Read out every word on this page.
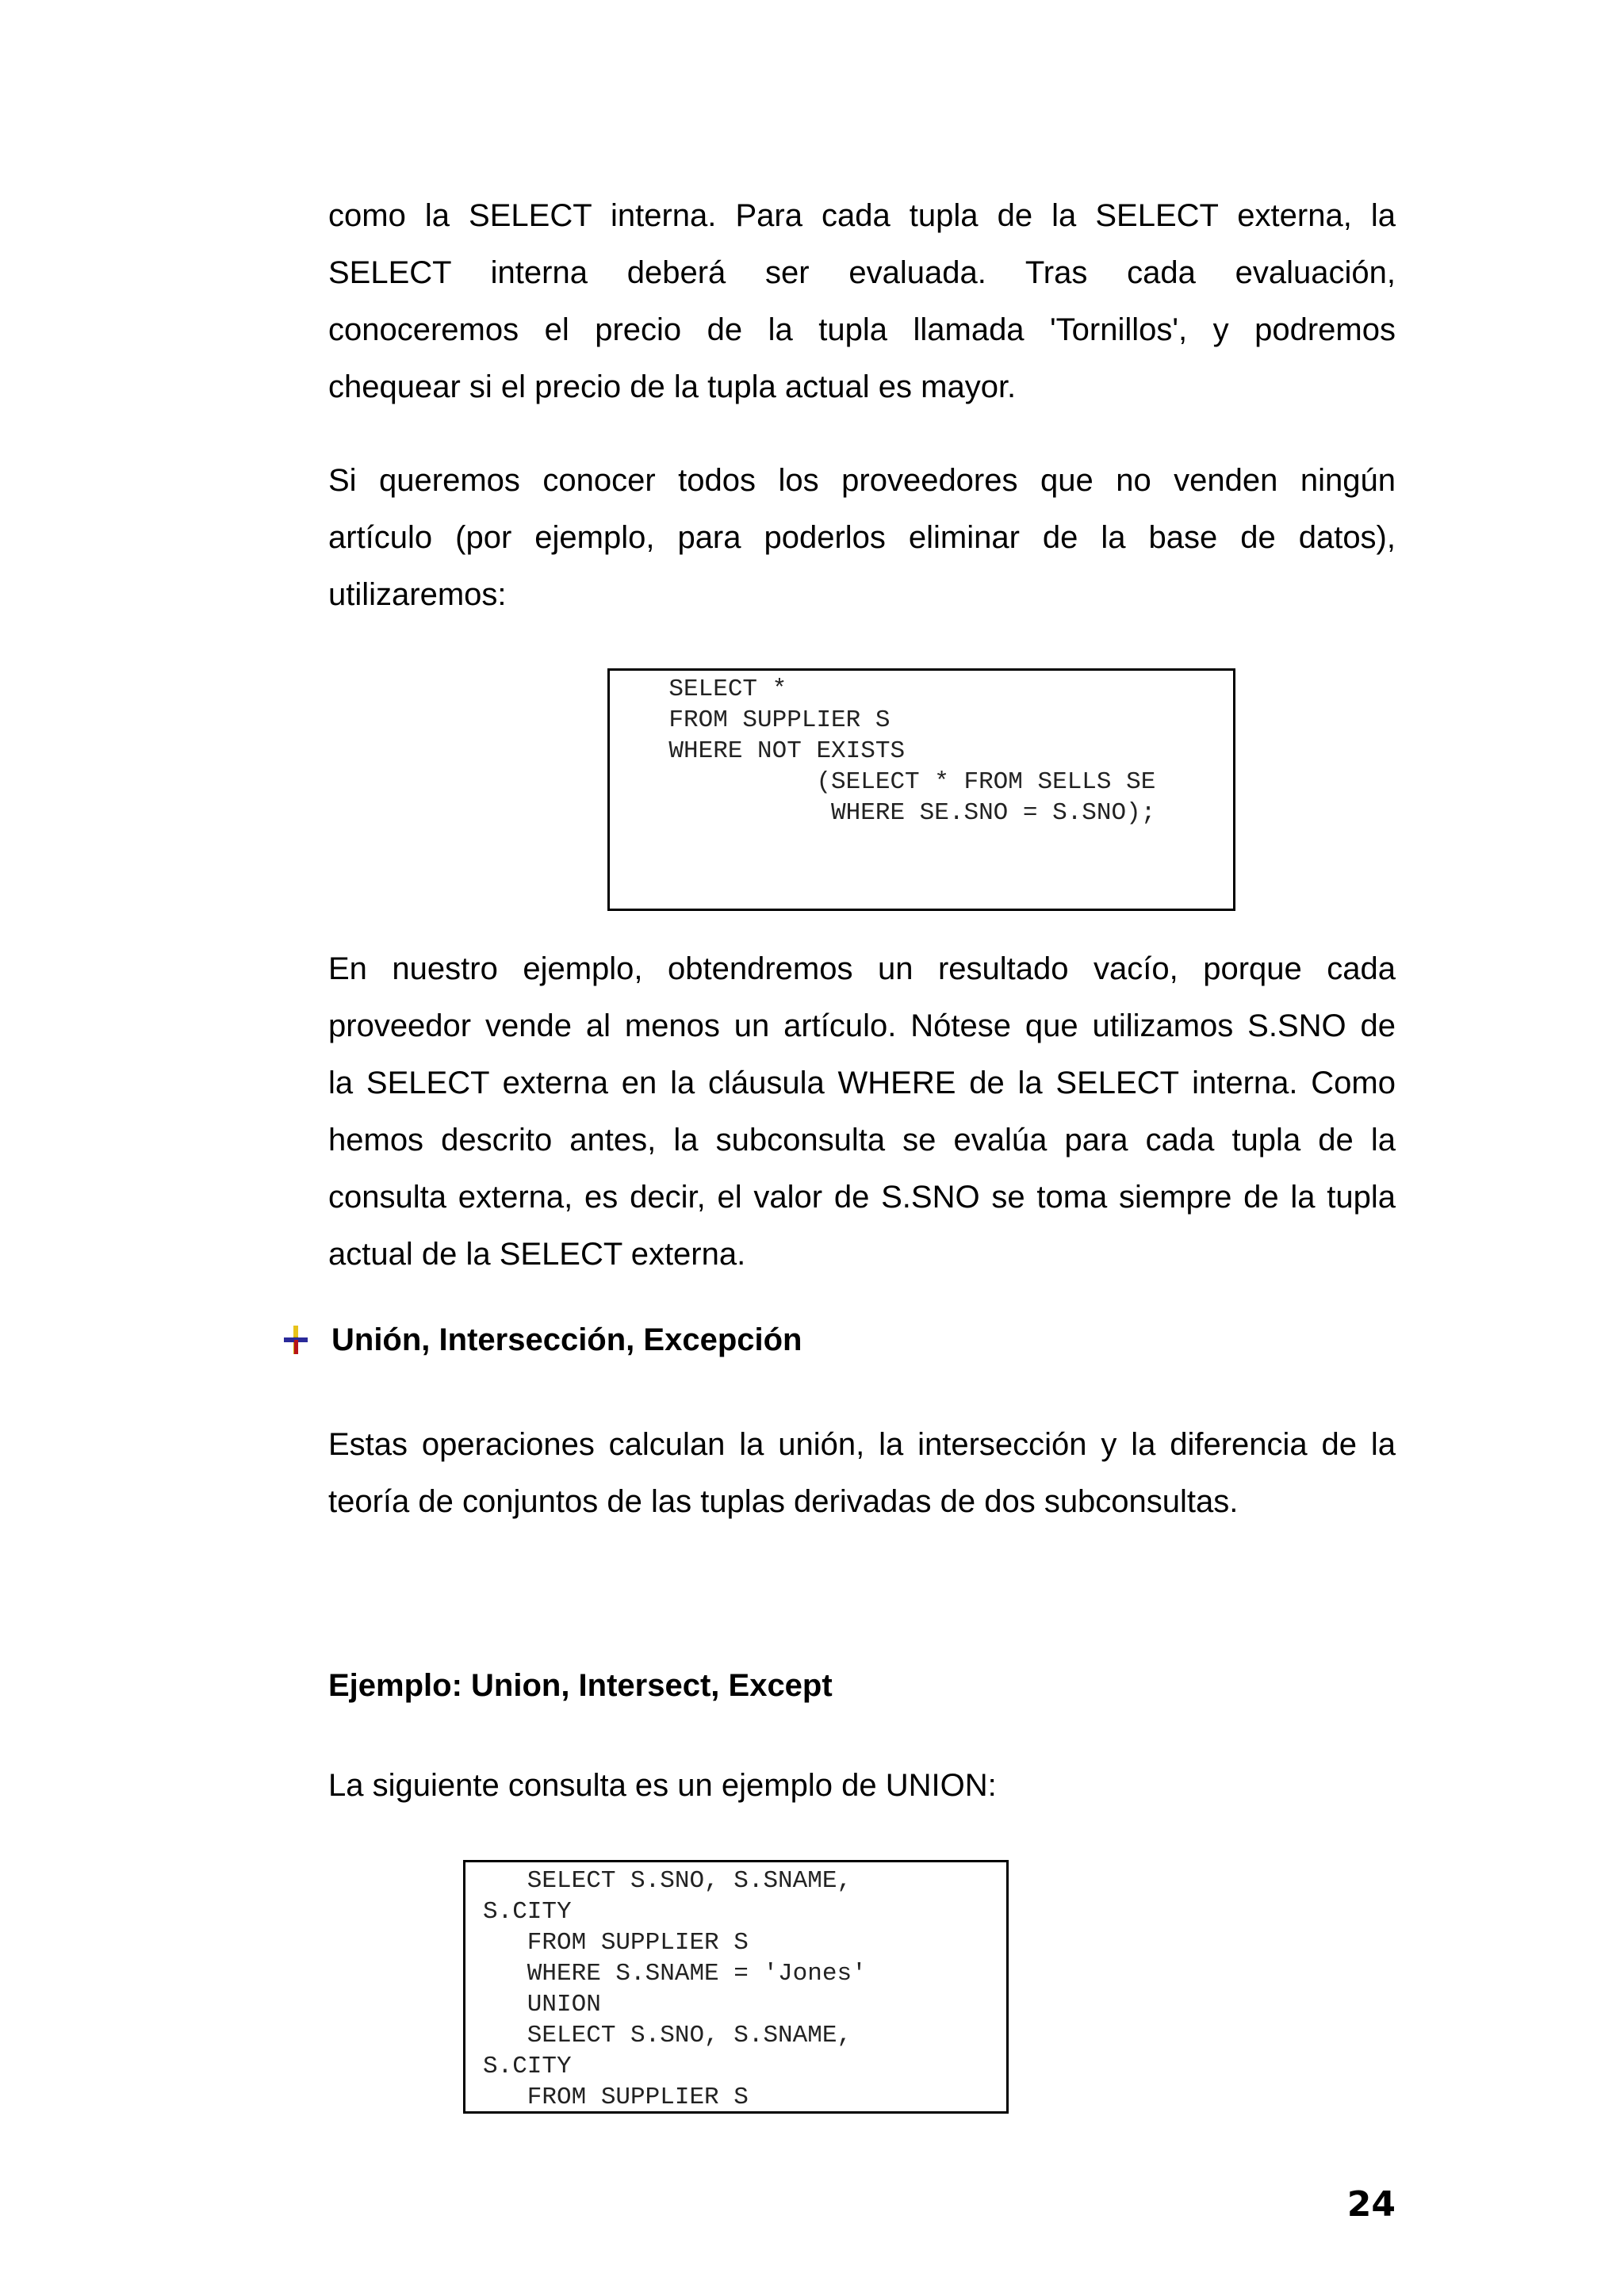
como la SELECT interna. Para cada tupla de la SELECT externa, la
SELECT interna deberá ser evaluada. Tras cada evaluación,
conoceremos el precio de la tupla llamada 'Tornillos', y podremos
chequear si el precio de la tupla actual es mayor.
Si queremos conocer todos los proveedores que no venden ningún
artículo (por ejemplo, para poderlos eliminar de la base de datos),
utilizaremos:
SELECT *
FROM SUPPLIER S
WHERE NOT EXISTS
(SELECT * FROM SELLS SE
WHERE SE.SNO = S.SNO);
En nuestro ejemplo, obtendremos un resultado vacío, porque cada
proveedor vende al menos un artículo. Nótese que utilizamos S.SNO de
la SELECT externa en la cláusula WHERE de la SELECT interna. Como
hemos descrito antes, la subconsulta se evalúa para cada tupla de la
consulta externa, es decir, el valor de S.SNO se toma siempre de la tupla
actual de la SELECT externa.
Unión, Intersección, Excepción
Estas operaciones calculan la unión, la intersección y la diferencia de la
teoría de conjuntos de las tuplas derivadas de dos subconsultas.
Ejemplo: Union, Intersect, Except
La siguiente consulta es un ejemplo de UNION:
SELECT S.SNO, S.SNAME,
S.CITY
FROM SUPPLIER S
WHERE S.SNAME = 'Jones'
UNION
SELECT S.SNO, S.SNAME,
S.CITY
FROM SUPPLIER S
24
